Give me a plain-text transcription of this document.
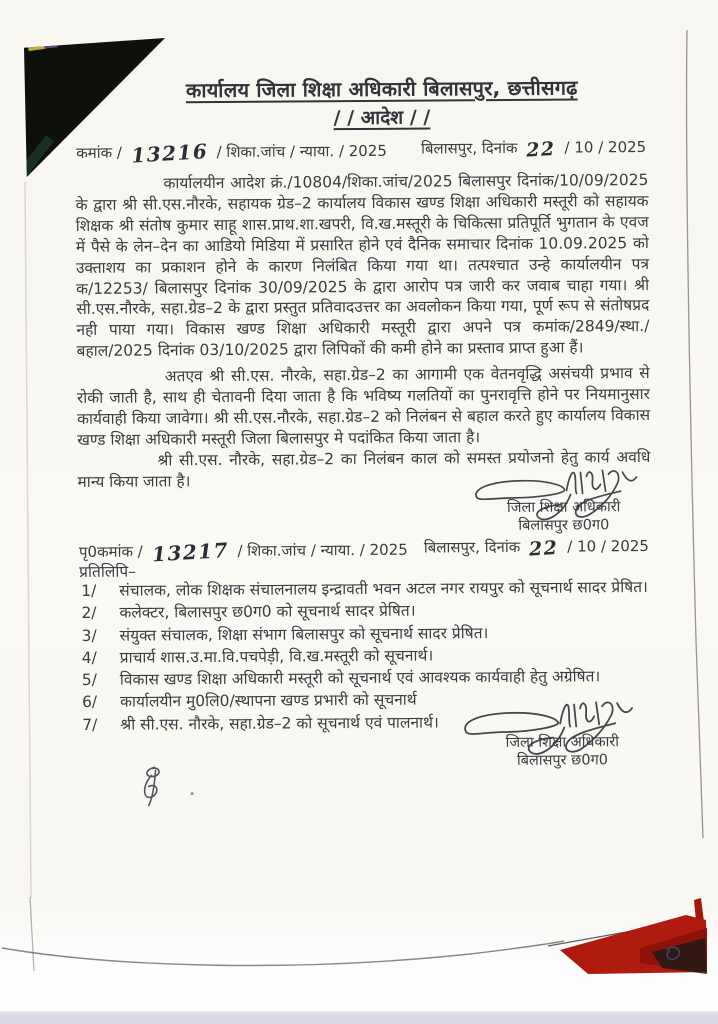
कार्यालय जिला शिक्षा अधिकारी बिलासपुर, छत्तीसगढ़
/ / आदेश / /
कमांक / 13216 / शिका.जांच / न्याया. / 2025 बिलासपुर, दिनांक 22 / 10 / 2025

कार्यालयीन आदेश क्रं./10804/शिका.जांच/2025 बिलासपुर दिनांक/10/09/2025 के द्वारा श्री सी.एस.नौरके, सहायक ग्रेड–2 कार्यालय विकास खण्ड शिक्षा अधिकारी मस्तूरी को सहायक शिक्षक श्री संतोष कुमार साहू शास.प्राथ.शा.खपरी, वि.ख.मस्तूरी के चिकित्सा प्रतिपूर्ति भुगतान के एवज में पैसे के लेन–देन का आडियो मिडिया में प्रसारित होने एवं दैनिक समाचार दिनांक 10.09.2025 को उक्ताशय का प्रकाशन होने के कारण निलंबित किया गया था। तत्पश्चात उन्हे कार्यालयीन पत्र क/12253/ बिलासपुर दिनांक 30/09/2025 के द्वारा आरोप पत्र जारी कर जवाब चाहा गया। श्री सी.एस.नौरके, सहा.ग्रेड–2 के द्वारा प्रस्तुत प्रतिवादउत्तर का अवलोकन किया गया, पूर्ण रूप से संतोषप्रद नही पाया गया। विकास खण्ड शिक्षा अधिकारी मस्तूरी द्वारा अपने पत्र कमांक/2849/स्था./बहाल/2025 दिनांक 03/10/2025 द्वारा लिपिकों की कमी होने का प्रस्ताव प्राप्त हुआ हैं।

अतएव श्री सी.एस. नौरके, सहा.ग्रेड–2 का आगामी एक वेतनवृद्धि असंचयी प्रभाव से रोकी जाती है, साथ ही चेतावनी दिया जाता है कि भविष्य गलतियों का पुनरावृत्ति होने पर नियमानुसार कार्यवाही किया जावेगा। श्री सी.एस.नौरके, सहा.ग्रेड–2 को निलंबन से बहाल करते हुए कार्यालय विकास खण्ड शिक्षा अधिकारी मस्तूरी जिला बिलासपुर मे पदांकित किया जाता है।

श्री सी.एस. नौरके, सहा.ग्रेड–2 का निलंबन काल को समस्त प्रयोजनो हेतु कार्य अवधि मान्य किया जाता है।

जिला शिक्षा अधिकारी
बिलासपुर छ0ग0
पृ0कमांक / 13217 / शिका.जांच / न्याया. / 2025 बिलासपुर, दिनांक 22 / 10 / 2025
प्रतिलिपि–
1/	संचालक, लोक शिक्षक संचालनालय इन्द्रावती भवन अटल नगर रायपुर को सूचनार्थ सादर प्रेषित।
2/	कलेक्टर, बिलासपुर छ0ग0 को सूचनार्थ सादर प्रेषित।
3/	संयुक्त संचालक, शिक्षा संभाग बिलासपुर को सूचनार्थ सादर प्रेषित।
4/	प्राचार्य शास.उ.मा.वि.पचपेड़ी, वि.ख.मस्तूरी को सूचनार्थ।
5/	विकास खण्ड शिक्षा अधिकारी मस्तूरी को सूचनार्थ एवं आवश्यक कार्यवाही हेतु अग्रेषित।
6/	कार्यालयीन मु0लि0/स्थापना खण्ड प्रभारी को सूचनार्थ
7/	श्री सी.एस. नौरके, सहा.ग्रेड–2 को सूचनार्थ एवं पालनार्थ।
जिला शिक्षा अधिकारी
बिलासपुर छ0ग0
